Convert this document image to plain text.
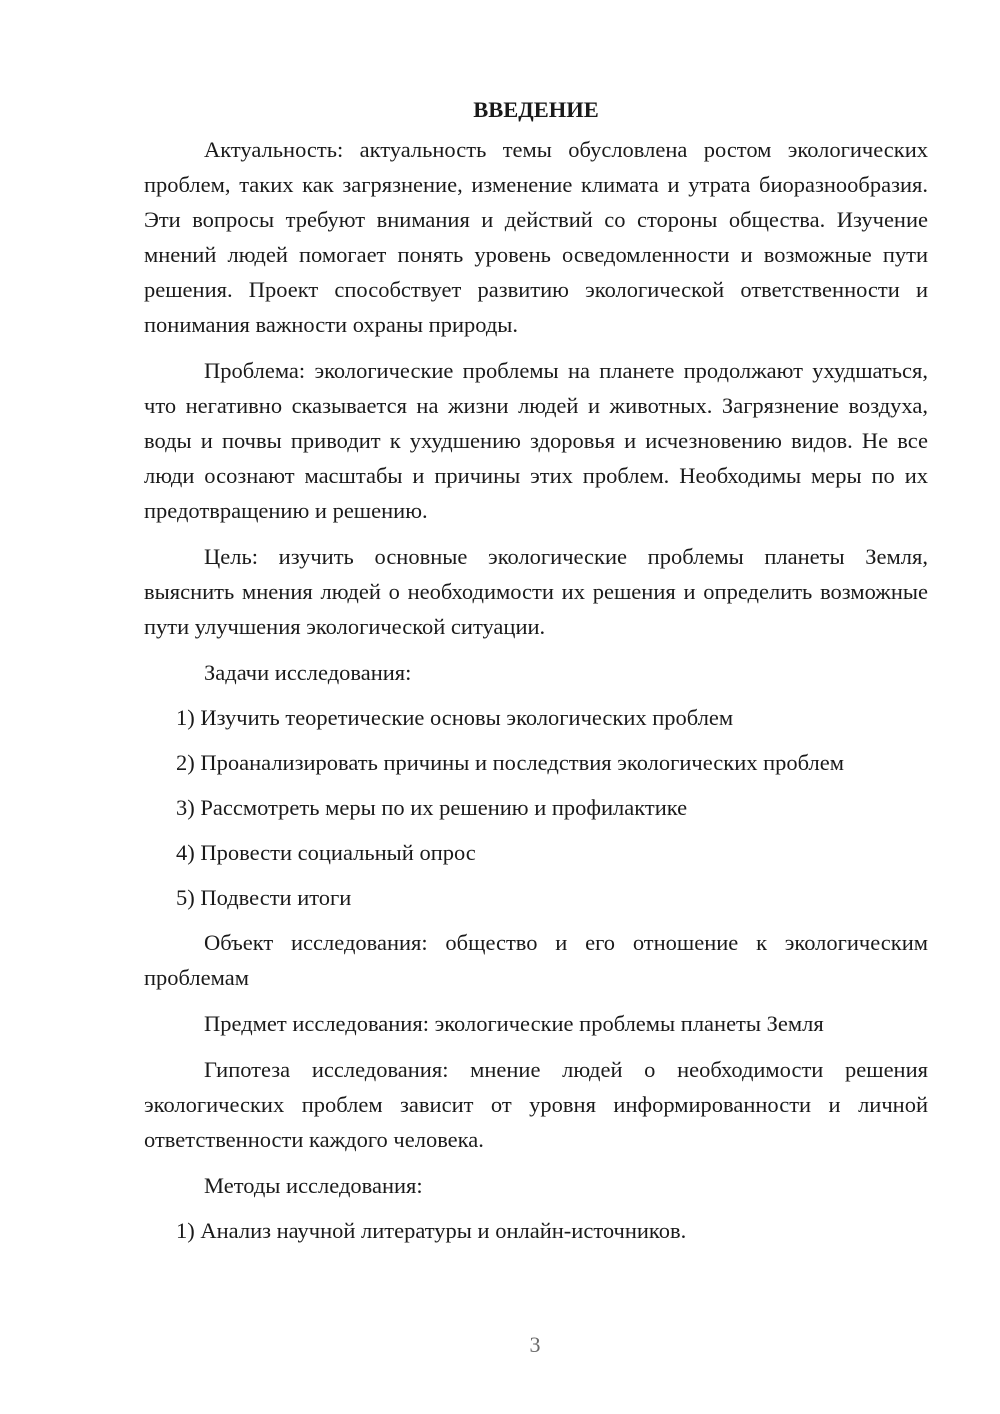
ВВЕДЕНИЕ
Актуальность: актуальность темы обусловлена ростом экологических проблем, таких как загрязнение, изменение климата и утрата биоразнообразия. Эти вопросы требуют внимания и действий со стороны общества. Изучение мнений людей помогает понять уровень осведомленности и возможные пути решения. Проект способствует развитию экологической ответственности и понимания важности охраны природы.
Проблема: экологические проблемы на планете продолжают ухудшаться, что негативно сказывается на жизни людей и животных. Загрязнение воздуха, воды и почвы приводит к ухудшению здоровья и исчезновению видов. Не все люди осознают масштабы и причины этих проблем. Необходимы меры по их предотвращению и решению.
Цель: изучить основные экологические проблемы планеты Земля, выяснить мнения людей о необходимости их решения и определить возможные пути улучшения экологической ситуации.
Задачи исследования:
1) Изучить теоретические основы экологических проблем
2) Проанализировать причины и последствия экологических проблем
3) Рассмотреть меры по их решению и профилактике
4) Провести социальный опрос
5) Подвести итоги
Объект исследования: общество и его отношение к экологическим проблемам
Предмет исследования: экологические проблемы планеты Земля
Гипотеза исследования: мнение людей о необходимости решения экологических проблем зависит от уровня информированности и личной ответственности каждого человека.
Методы исследования:
1) Анализ научной литературы и онлайн-источников.
3
